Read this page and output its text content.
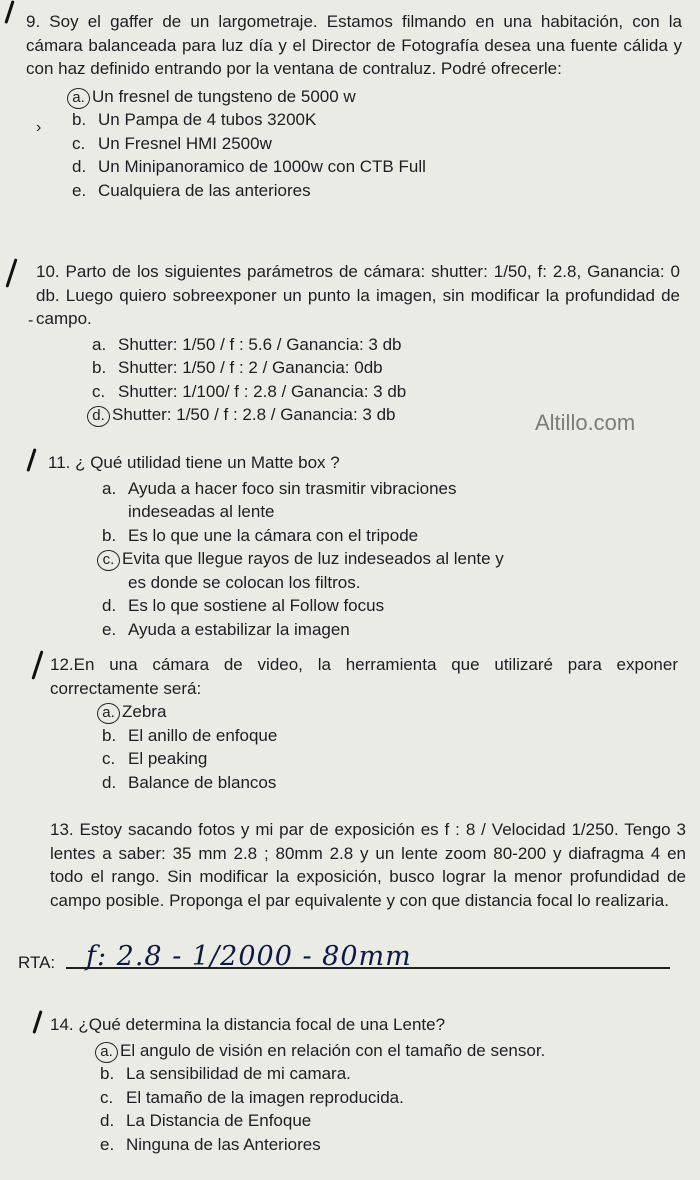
›
-
9. Soy el gaffer de un largometraje. Estamos filmando en una habitación, con la cámara balanceada para luz día y el Director de Fotografía desea una fuente cálida y con haz definido entrando por la ventana de contraluz. Podré ofrecerle:
a. Un fresnel de tungsteno de 5000 w
b. Un Pampa de 4 tubos 3200K
c. Un Fresnel HMI 2500w
d. Un Minipanoramico de 1000w con CTB Full
e. Cualquiera de las anteriores
10. Parto de los siguientes parámetros de cámara: shutter: 1/50, f: 2.8, Ganancia: 0 db. Luego quiero sobreexponer un punto la imagen, sin modificar la profundidad de campo.
a. Shutter: 1/50 / f : 5.6 / Ganancia: 3 db
b. Shutter: 1/50 / f : 2 / Ganancia: 0db
c. Shutter: 1/100/ f : 2.8 / Ganancia: 3 db
d. Shutter: 1/50 / f : 2.8 / Ganancia: 3 db	Altillo.com
11. ¿ Qué utilidad tiene un Matte box ?
a. Ayuda a hacer foco sin trasmitir vibraciones
indeseadas al lente
b. Es lo que une la cámara con el tripode
c. Evita que llegue rayos de luz indeseados al lente y
es donde se colocan los filtros.
d. Es lo que sostiene al Follow focus
e. Ayuda a estabilizar la imagen
12.En una cámara de video, la herramienta que utilizaré para exponer correctamente será:
a. Zebra
b. El anillo de enfoque
c. El peaking
d. Balance de blancos
13. Estoy sacando fotos y mi par de exposición es f : 8 / Velocidad 1/250. Tengo 3 lentes a saber: 35 mm 2.8 ; 80mm 2.8 y un lente zoom 80-200 y diafragma 4 en todo el rango. Sin modificar la exposición, busco lograr la menor profundidad de campo posible. Proponga el par equivalente y con que distancia focal lo realizaria.
RTA: f: 2.8 - 1/2000 - 80mm
14. ¿Qué determina la distancia focal de una Lente?
a. El angulo de visión en relación con el tamaño de sensor.
b. La sensibilidad de mi camara.
c. El tamaño de la imagen reproducida.
d. La Distancia de Enfoque
e. Ninguna de las Anteriores
